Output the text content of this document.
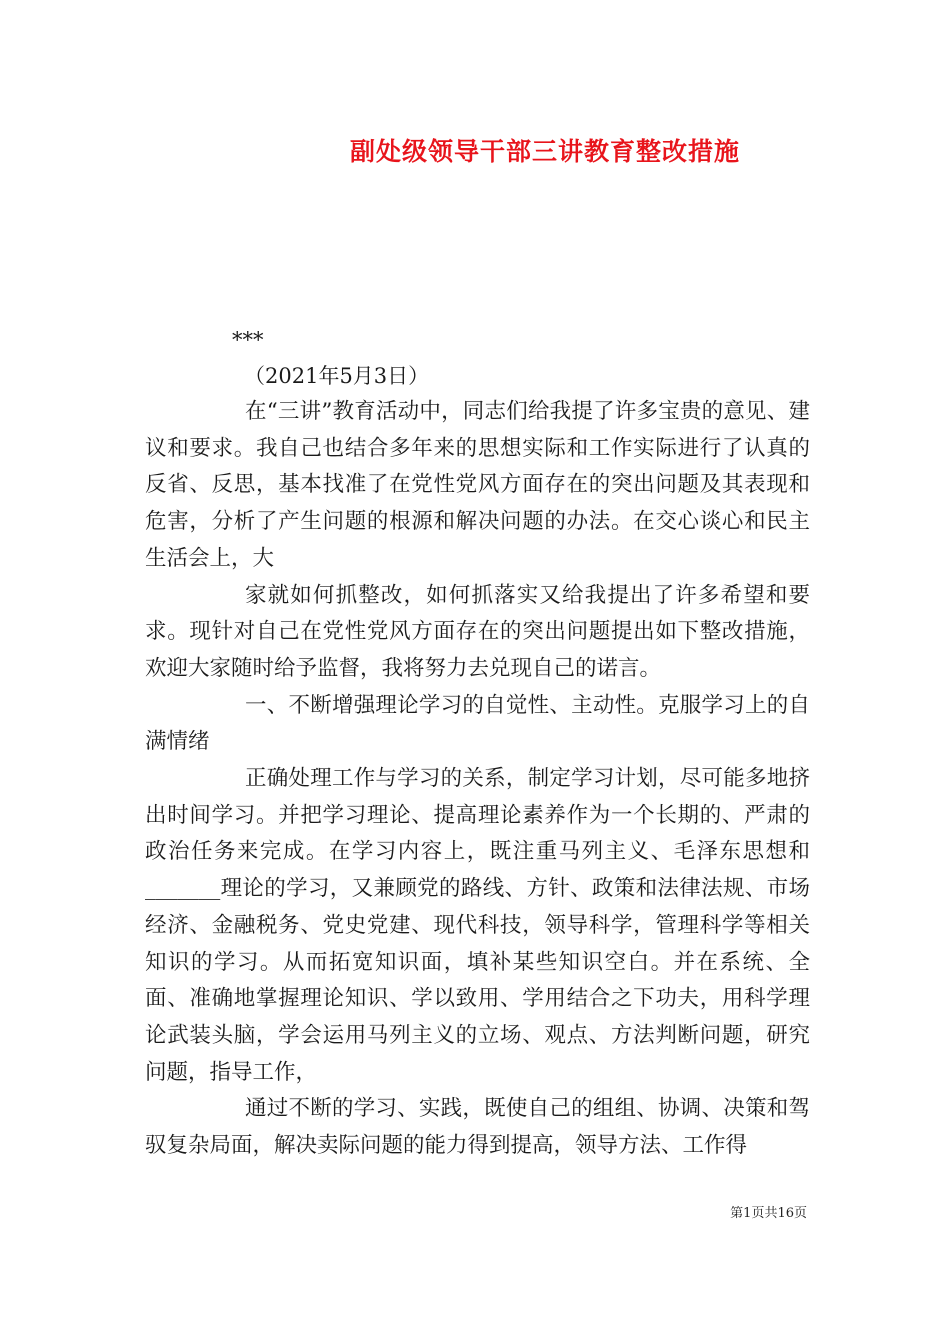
副处级领导干部三讲教育整改措施
***
（2021年5月3日）

在“三讲”教育活动中，同志们给我提了许多宝贵的意见、建议和要求。我自己也结合多年来的思想实际和工作实际进行了认真的反省、反思，基本找准了在党性党风方面存在的突出问题及其表现和危害，分析了产生问题的根源和解决问题的办法。在交心谈心和民主生活会上，大

家就如何抓整改，如何抓落实又给我提出了许多希望和要求。现针对自己在党性党风方面存在的突出问题提出如下整改措施，欢迎大家随时给予监督，我将努力去兑现自己的诺言。

一、不断增强理论学习的自觉性、主动性。克服学习上的自满情绪

正确处理工作与学习的关系，制定学习计划，尽可能多地挤出时间学习。并把学习理论、提高理论素养作为一个长期的、严肃的政治任务来完成。在学习内容上，既注重马列主义、毛泽东思想和_______理论的学习，又兼顾党的路线、方针、政策和法律法规、市场经济、金融税务、党史党建、现代科技，领导科学，管理科学等相关知识的学习。从而拓宽知识面，填补某些知识空白。并在系统、全面、准确地掌握理论知识、学以致用、学用结合之下功夫，用科学理论武装头脑，学会运用马列主义的立场、观点、方法判断问题，研究问题，指导工作，

通过不断的学习、实践，既使自己的组组、协调、决策和驾驭复杂局面，解决卖际问题的能力得到提高，领导方法、工作得

第1页共16页
